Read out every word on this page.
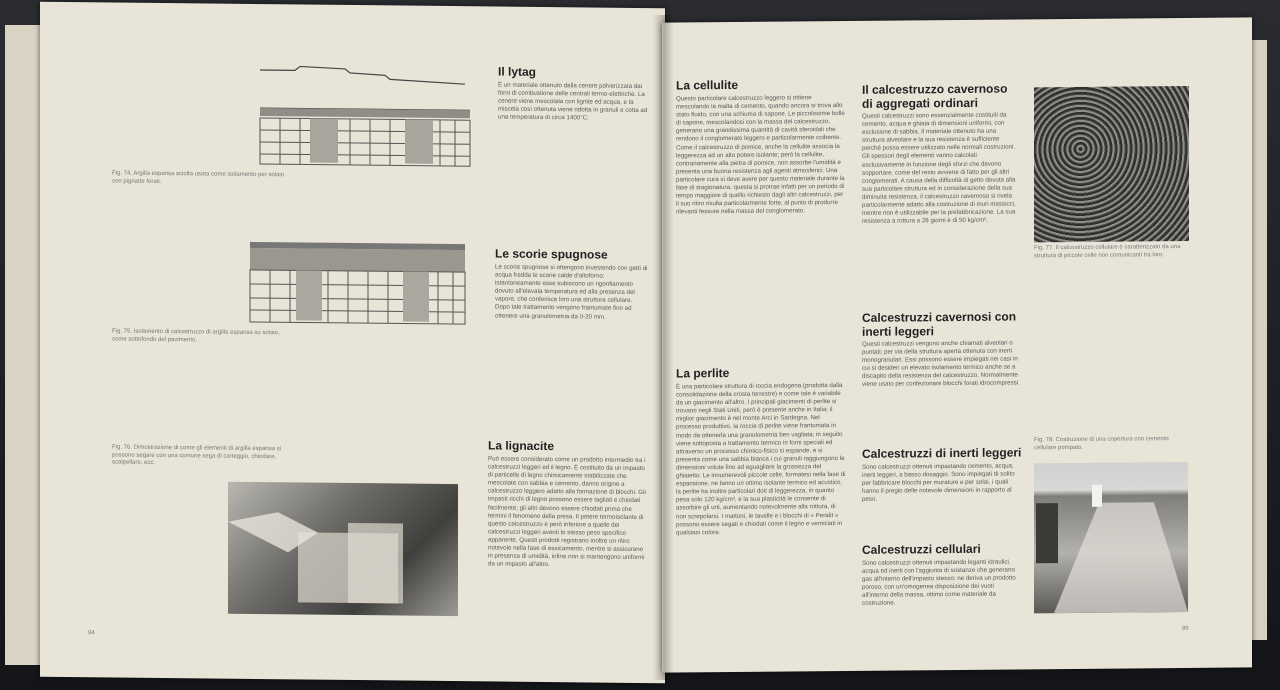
Fig. 74. Argilla espansa sciolta usata come isolamento per solaio con pignatte forati.
Fig. 75. Isolamento di calcestruzzo di argilla espansa su solaio, come sottofondo del pavimento.
Fig. 76. Dimostrazione di come gli elementi di argilla espansa si possono segare con una comune sega di carteggio, chiodare, scalpellare, ecc.
Il lytag
È un materiale ottenuto dalla cenere polverizzata dai forni di combustione delle centrali termo-elettriche. La cenere viene mescolata con lignite ed acqua, e la miscela così ottenuta viene ridotta in granuli e cotta ad una temperatura di circa 1400°C.
Le scorie spugnose
Le scorie spugnose si ottengono investendo con getti di acqua fredda le scorie calde d'altoforno: istantaneamente esse subiscono un rigonfiamento dovuto all'elevata temperatura ed alla presenza del vapore, che conferisce loro una struttura cellulare. Dopo tale trattamento vengono frantumate fino ad ottenere una granulometria da 0-20 mm.
La lignacite
Può essere considerato come un prodotto intermedio tra i calcestruzzi leggeri ed il legno. È costituito da un impasto di particelle di legno chimicamente stabilizzate che mescolate con sabbia e cemento, danno origine a calcestruzzo leggero adatto alla formazione di blocchi. Gli impasti ricchi di legno possono essere tagliati e chiodati facilmente; gli altri devono essere chiodati prima che termini il fenomeno della presa. Il potere termoisolante di questo calcestruzzo è però inferiore a quelle dei calcestruzzi leggeri aventi lo stesso peso specifico apparente. Questi prodotti registrano inoltre un ritiro notevole nella fase di essicamento, mentre si assicurano in presenza di umidità, infine non si mantengono uniformi da un impasto all'altro.
94
La cellulite
Questo particolare calcestruzzo leggero si ottiene mescolando la malta di cemento, quando ancora si trova allo stato fluido, con una schiuma di sapone. Le piccolissime bolle di sapone, mescolandosi con la massa del calcestruzzo, generano una grandissima quantità di cavità sferoidali che rendono il conglomerato leggero e particolarmente coibente. Come il calcestruzzo di pomice, anche la cellulite associa la leggerezza ad un alto potere isolante; però la cellulite, contrariamente alla pietra di pomice, non assorbe l'umidità e presenta una buona resistenza agli agenti atmosferici. Una particolare cura si deve avere per questo materiale durante la fase di stagionatura, questa si protrae infatti per un periodo di tempo maggiore di quello richiesto dagli altri calcestruzzi, per il suo ritiro risulta particolarmente forte, al punto di produrre rilevanti fessure nella massa del conglomerato.
La perlite
È una particolare struttura di roccia endogena (prodotta dalla consolidazione della crosta terrestre) e come tale è variabile da un giacimento all'altro. I principali giacimenti di perlite si trovano negli Stati Uniti, però è presente anche in Italia; il miglior giacimento è nel monte Arci in Sardegna. Nel processo produttivo, la roccia di perlite viene frantumata in modo da ottenerla una granulometria ben vagliata; in seguito viene sottoposta a trattamento termico in forni speciali ed attraverso un processo chimico-fisico si espande, e si presenta come una sabbia bianca i cui granuli raggiungono le dimensioni volute fino ad eguagliare la grossezza del ghiaietto. Le innumerevoli piccole celle, formatesi nella fase di espansione, ne fanno un ottimo isolante termico ed acustico, la perlite ha inoltre particolari doti di leggerezza, in quanto pesa solo 120 kg/cm³, e la sua plasticità le consente di assorbire gli urti, aumentando notevolmente alla rottura, di non screpolarsi. I mattoni, le tavelle e i blocchi di « Peralit » possono essere segati e chiodati come il legno e verniciati in qualsiasi colore.
Il calcestruzzo cavernoso di aggregati ordinari
Questi calcestruzzi sono essenzialmente costituiti da cemento, acqua e ghiaia di dimensioni uniformi, con esclusione di sabbia. Il materiale ottenuto ha una struttura alveolare e la sua resistenza è sufficiente perché possa essere utilizzato nelle normali costruzioni. Gli spessori degli elementi vanno calcolati esclusivamente in funzione degli sforzi che devono sopportare, come del resto avviene di fatto per gli altri conglomerati. A causa della difficoltà di getto dovuta alla sua particolare struttura ed in considerazione della sua diminuita resistenza, il calcestruzzo cavernoso si rivela particolarmente adatto alla costruzione di muri massicci, mentre non è utilizzabile per la prefabbricazione. La sua resistenza a rottura a 28 giorni è di 50 kg/cm².
Calcestruzzi cavernosi con inerti leggeri
Questi calcestruzzi vengono anche chiamati alveolari o puntati; per via della struttura aperta ottenuta con inerti monogranulari. Essi possono essere impiegati nei casi in cui si desideri un elevato isolamento termico anche se a discapito della resistenza del calcestruzzo. Normalmente viene usato per confezionare blocchi forati idrocompressi.
Calcestruzzi di inerti leggeri
Sono calcestruzzi ottenuti impastando cemento, acqua, inerti leggeri, a basso dosaggio. Sono impiegati di solito per fabbricare blocchi per murature e per solai, i quali hanno il pregio delle notevole dimensioni in rapporto al peso.
Calcestruzzi cellulari
Sono calcestruzzi ottenuti impastando leganti idraulici, acqua ed inerti con l'aggiunta di sostanze che generano gas all'interno dell'impasto stesso; ne deriva un prodotto poroso, con un'omogenea disposizione dei vuoti all'interno della massa, ottimo come materiale da costruzione.
Fig. 77. Il calcestruzzo cellulare è caratterizzato da una struttura di piccole celle non comunicanti tra loro.
Fig. 78. Costruzione di una copertura con cemento cellulare pompato.
95
